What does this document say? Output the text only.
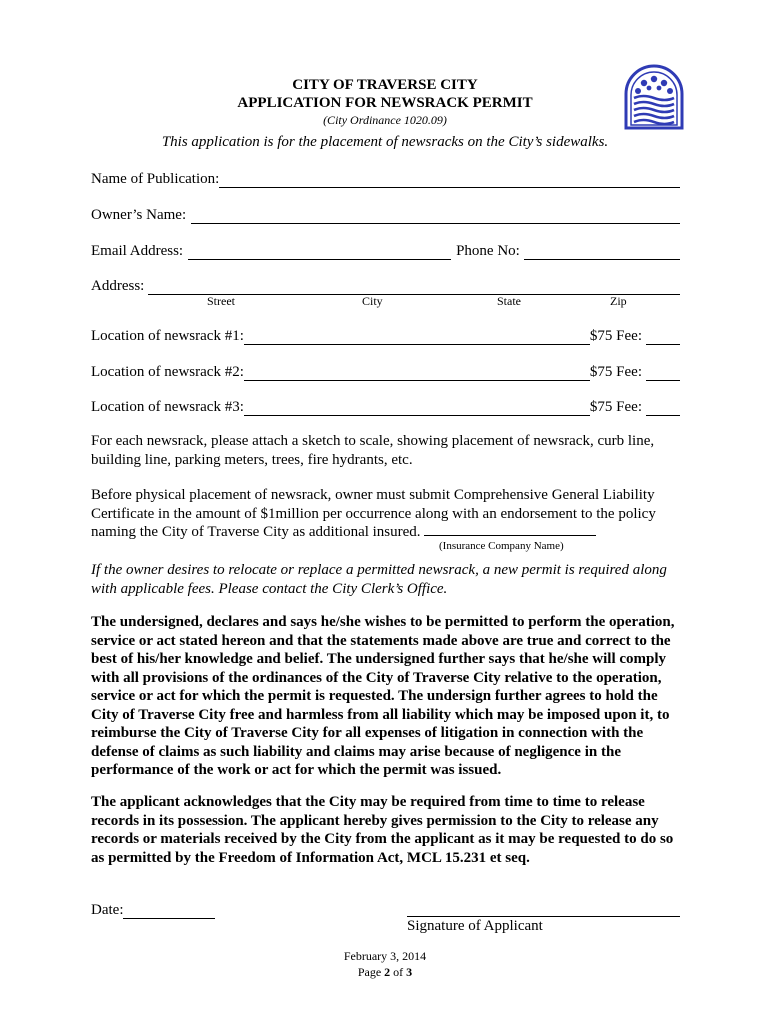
CITY OF TRAVERSE CITY
APPLICATION FOR NEWSRACK PERMIT
(City Ordinance 1020.09)
This application is for the placement of newsracks on the City’s sidewalks.
Name of Publication:
Owner’s Name:
Email Address:	Phone No:
Address:
Street	City	State	Zip
Location of newsrack #1:	$75 Fee:
Location of newsrack #2:	$75 Fee:
Location of newsrack #3:	$75 Fee:
For each newsrack, please attach a sketch to scale, showing placement of newsrack, curb line, building line, parking meters, trees, fire hydrants, etc.
Before physical placement of newsrack, owner must submit Comprehensive General Liability Certificate in the amount of $1million per occurrence along with an endorsement to the policy naming the City of Traverse City as additional insured.
(Insurance Company Name)
If the owner desires to relocate or replace a permitted newsrack, a new permit is required along with applicable fees. Please contact the City Clerk’s Office.
The undersigned, declares and says he/she wishes to be permitted to perform the operation, service or act stated hereon and that the statements made above are true and correct to the best of his/her knowledge and belief. The undersigned further says that he/she will comply with all provisions of the ordinances of the City of Traverse City relative to the operation, service or act for which the permit is requested. The undersign further agrees to hold the City of Traverse City free and harmless from all liability which may be imposed upon it, to reimburse the City of Traverse City for all expenses of litigation in connection with the defense of claims as such liability and claims may arise because of negligence in the performance of the work or act for which the permit was issued.
The applicant acknowledges that the City may be required from time to time to release records in its possession. The applicant hereby gives permission to the City to release any records or materials received by the City from the applicant as it may be requested to do so as permitted by the Freedom of Information Act, MCL 15.231 et seq.
Date:
Signature of Applicant
February 3, 2014
Page 2 of 3
